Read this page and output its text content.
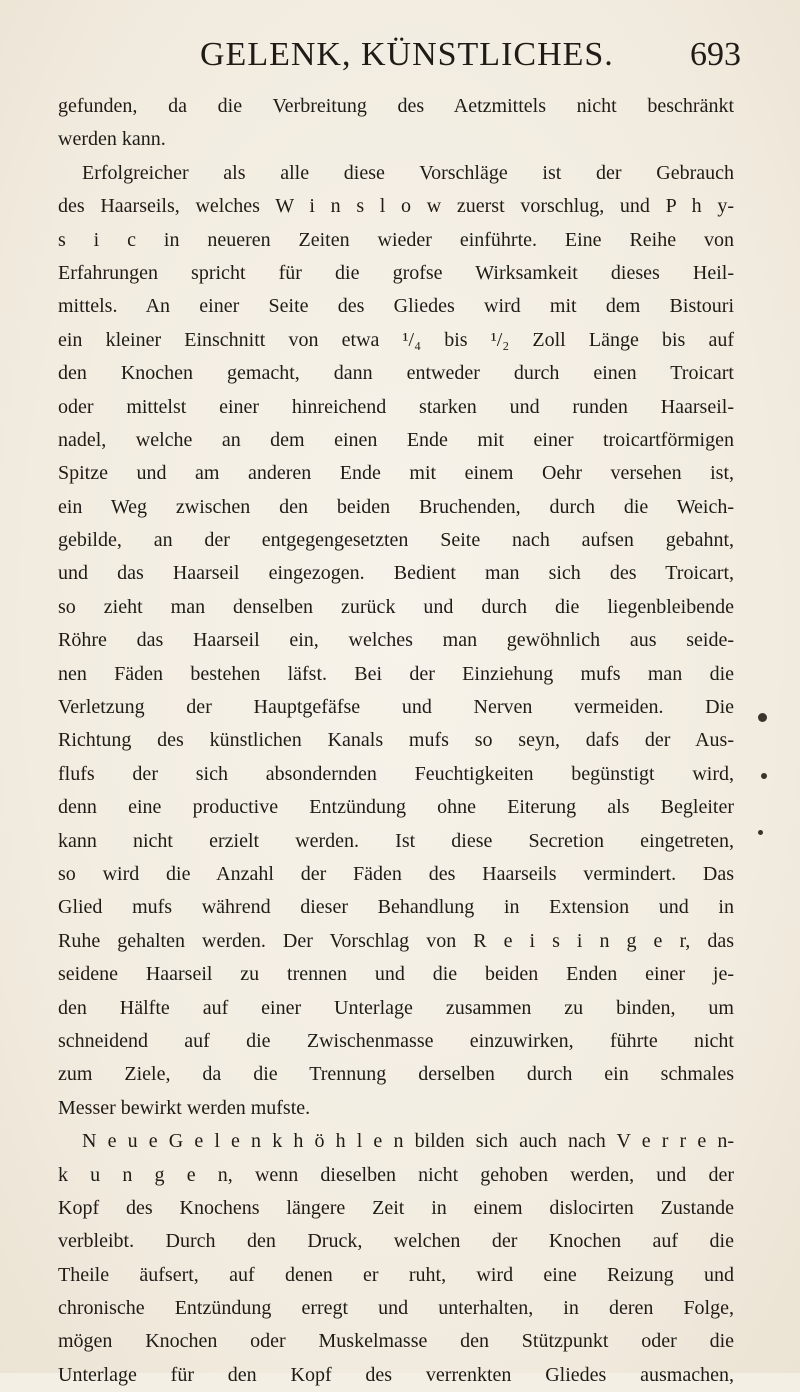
GELENK, KÜNSTLICHES. 693
gefunden, da die Verbreitung des Aetzmittels nicht beschränkt
werden kann.
Erfolgreicher als alle diese Vorschläge ist der Gebrauch
des Haarseils, welches W i n s l o w zuerst vorschlug, und P h y-
s i c in neueren Zeiten wieder einführte. Eine Reihe von
Erfahrungen spricht für die grofse Wirksamkeit dieses Heil-
mittels. An einer Seite des Gliedes wird mit dem Bistouri
ein kleiner Einschnitt von etwa ¹/₄ bis ¹/₂ Zoll Länge bis auf
den Knochen gemacht, dann entweder durch einen Troicart
oder mittelst einer hinreichend starken und runden Haarseil-
nadel, welche an dem einen Ende mit einer troicartförmigen
Spitze und am anderen Ende mit einem Oehr versehen ist,
ein Weg zwischen den beiden Bruchenden, durch die Weich-
gebilde, an der entgegengesetzten Seite nach aufsen gebahnt,
und das Haarseil eingezogen. Bedient man sich des Troicart,
so zieht man denselben zurück und durch die liegenbleibende
Röhre das Haarseil ein, welches man gewöhnlich aus seide-
nen Fäden bestehen läfst. Bei der Einziehung mufs man die
Verletzung der Hauptgefäfse und Nerven vermeiden. Die
Richtung des künstlichen Kanals mufs so seyn, dafs der Aus-
flufs der sich absondernden Feuchtigkeiten begünstigt wird,
denn eine productive Entzündung ohne Eiterung als Begleiter
kann nicht erzielt werden. Ist diese Secretion eingetreten,
so wird die Anzahl der Fäden des Haarseils vermindert. Das
Glied mufs während dieser Behandlung in Extension und in
Ruhe gehalten werden. Der Vorschlag von R e i s i n g e r, das
seidene Haarseil zu trennen und die beiden Enden einer je-
den Hälfte auf einer Unterlage zusammen zu binden, um
schneidend auf die Zwischenmasse einzuwirken, führte nicht
zum Ziele, da die Trennung derselben durch ein schmales
Messer bewirkt werden mufste.
N e u e G e l e n k h ö h l e n bilden sich auch nach V e r r e n-
k u n g e n, wenn dieselben nicht gehoben werden, und der
Kopf des Knochens längere Zeit in einem dislocirten Zustande
verbleibt. Durch den Druck, welchen der Knochen auf die
Theile äufsert, auf denen er ruht, wird eine Reizung und
chronische Entzündung erregt und unterhalten, in deren Folge,
mögen Knochen oder Muskelmasse den Stützpunkt oder die
Unterlage für den Kopf des verrenkten Gliedes ausmachen,
